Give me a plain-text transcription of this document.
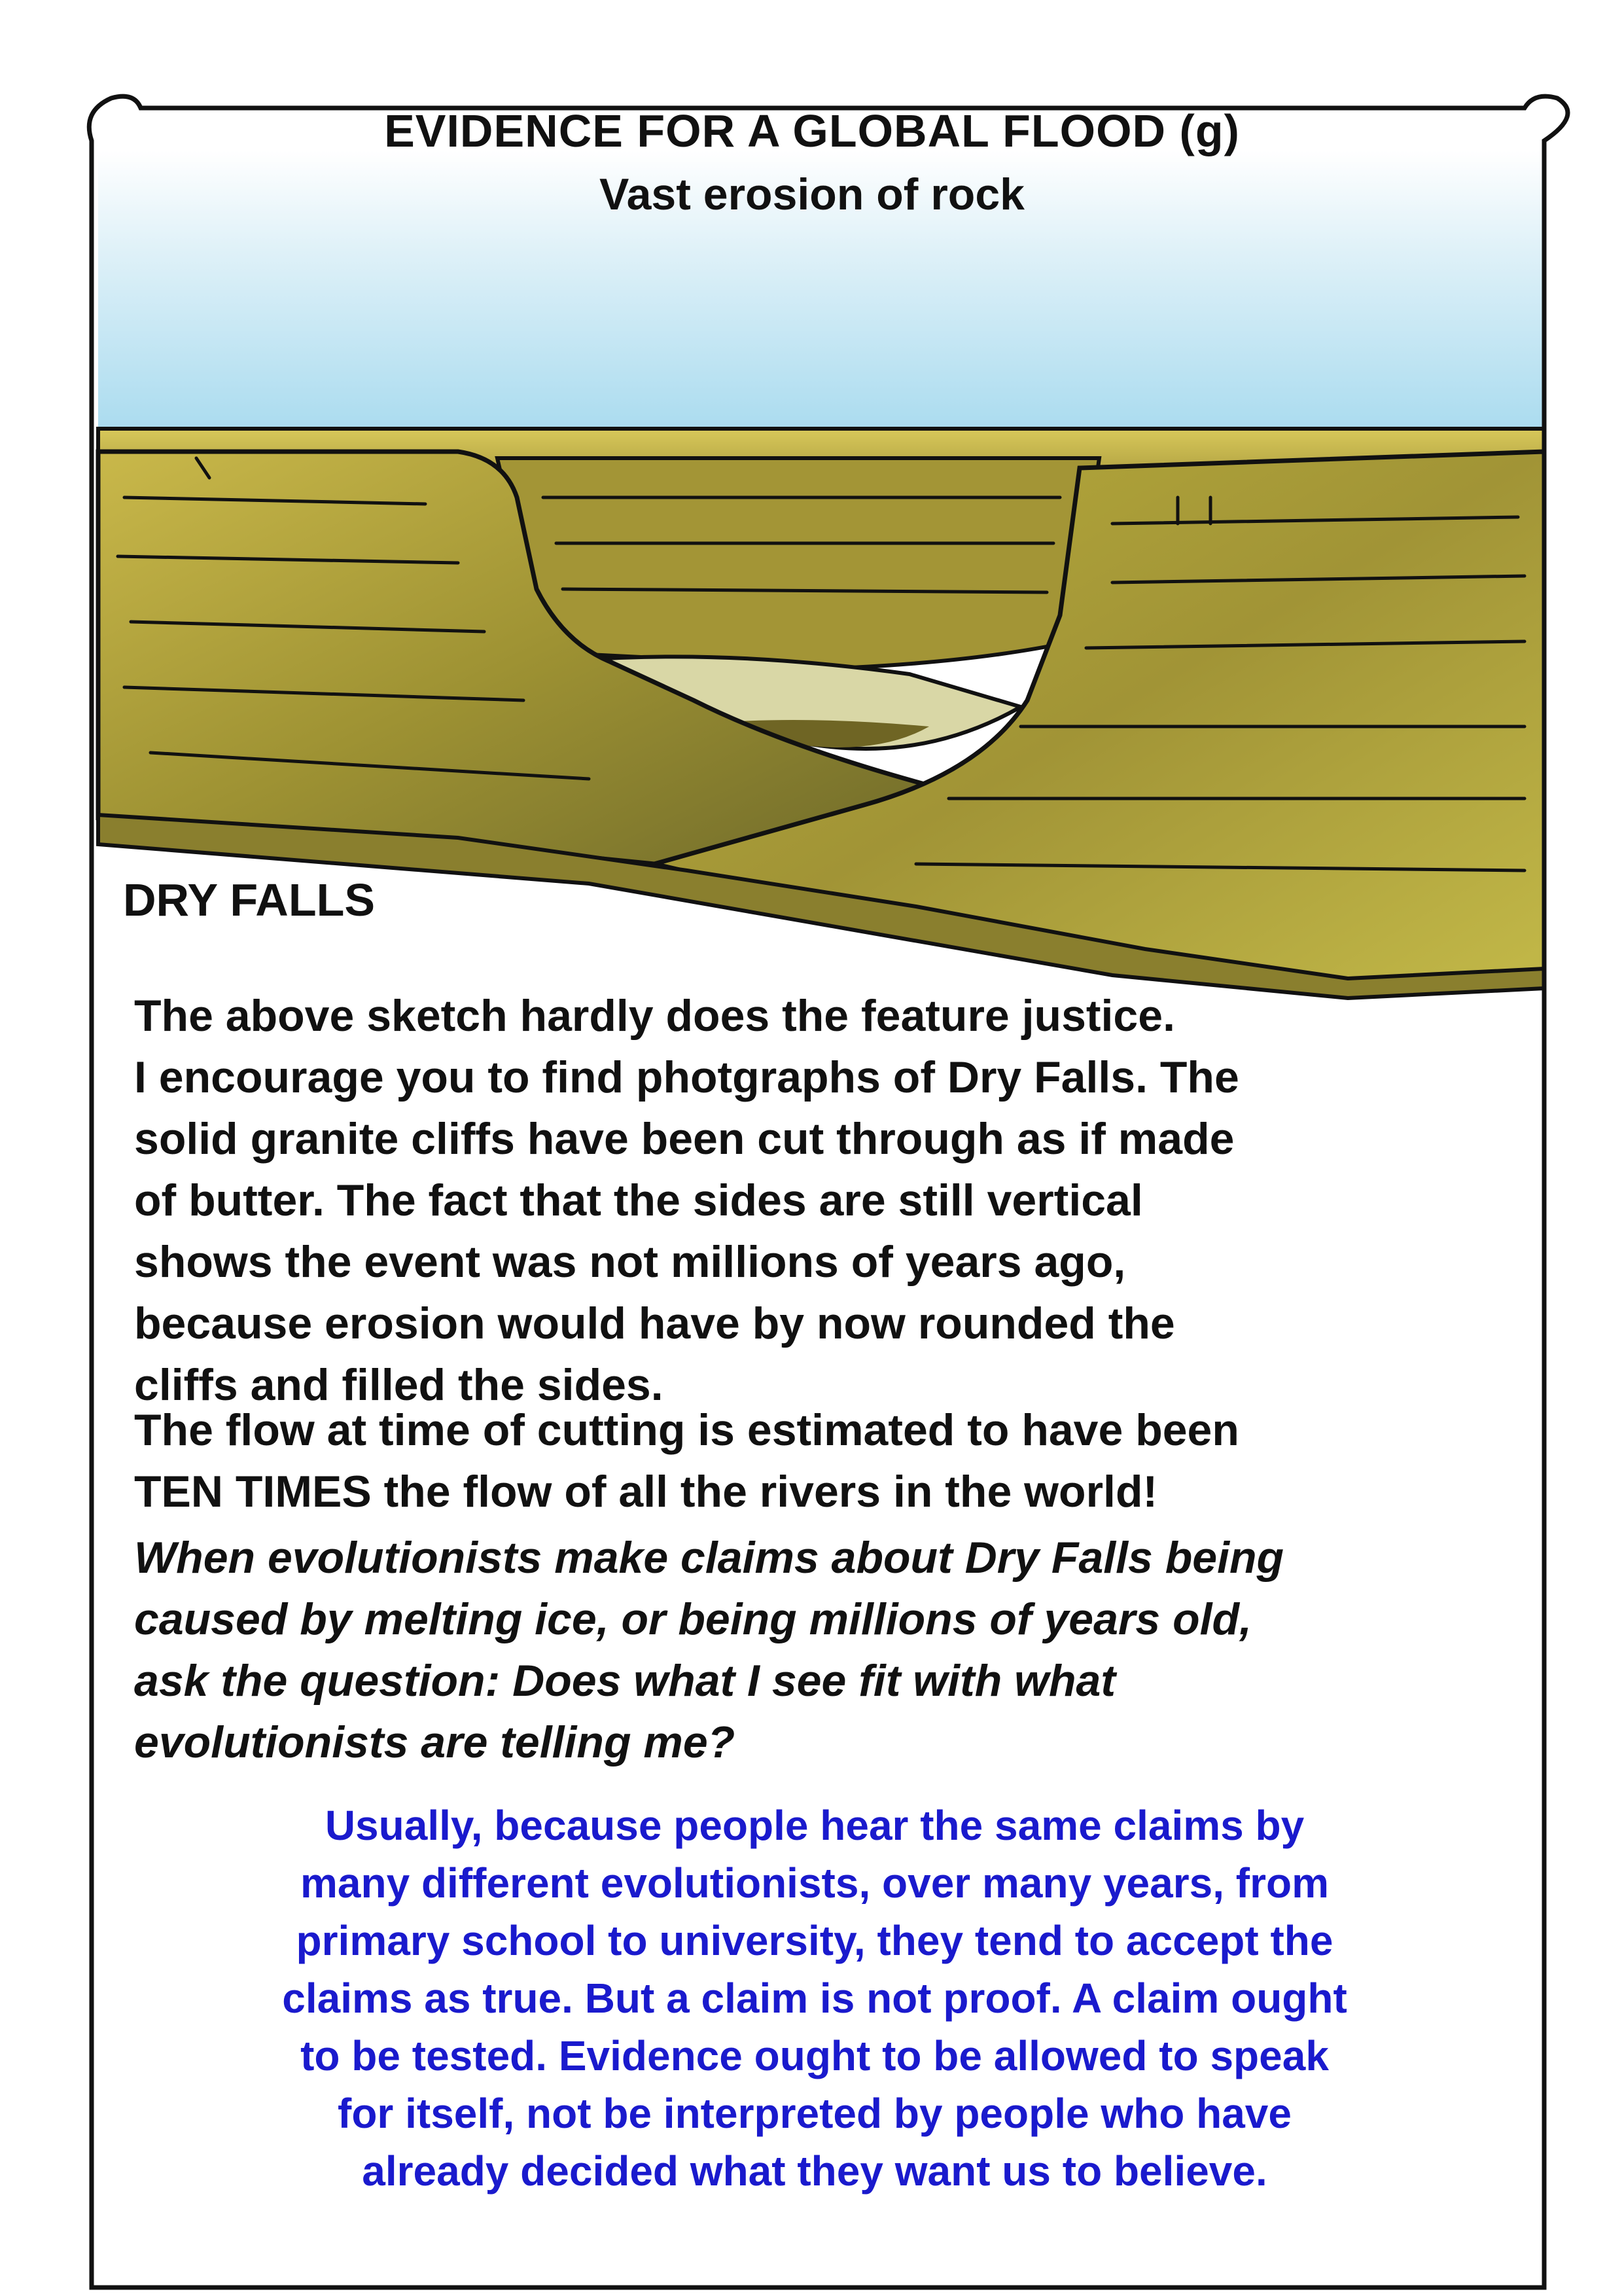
EVIDENCE FOR A GLOBAL FLOOD (g)
Vast erosion of rock
DRY FALLS
The above sketch hardly does the feature justice.
I encourage you to find photgraphs of Dry Falls. The
solid granite cliffs have been cut through as if made
of butter. The fact that the sides are still vertical
shows the event was not millions of years ago,
because erosion would have by now rounded the
cliffs and filled the sides.
The flow at time of cutting is estimated to have been
TEN TIMES the flow of all the rivers in the world!
When evolutionists make claims about Dry Falls being
caused by melting ice, or being millions of years old,
ask the question: Does what I see fit with what
evolutionists are telling me?
Usually, because people hear the same claims by
many different evolutionists, over many years, from
primary school to university, they tend to accept the
claims as true. But a claim is not proof. A claim ought
to be tested. Evidence ought to be allowed to speak
for itself, not be interpreted by people who have
already decided what they want us to believe.
